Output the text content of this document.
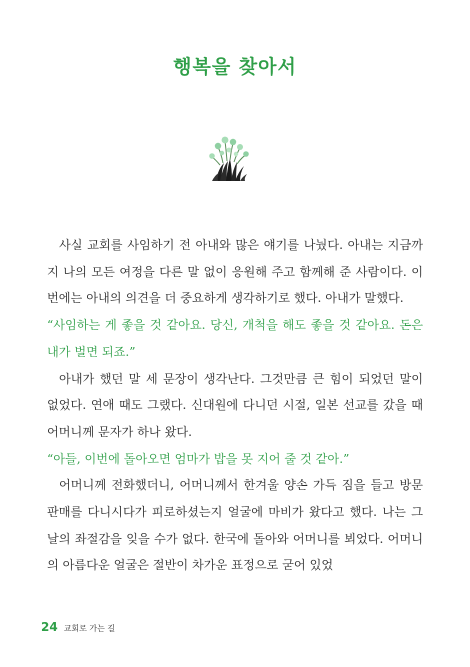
행복을 찾아서

사실 교회를 사임하기 전 아내와 많은 얘기를 나눴다. 아내는 지금까지 나의 모든 여정을 다른 말 없이 응원해 주고 함께해 준 사람이다. 이번에는 아내의 의견을 더 중요하게 생각하기로 했다. 아내가 말했다.

“사임하는 게 좋을 것 같아요. 당신, 개척을 해도 좋을 것 같아요. 돈은 내가 벌면 되죠.”

아내가 했던 말 세 문장이 생각난다. 그것만큼 큰 힘이 되었던 말이 없었다. 연애 때도 그랬다. 신대원에 다니던 시절, 일본 선교를 갔을 때 어머니께 문자가 하나 왔다.

“아들, 이번에 돌아오면 엄마가 밥을 못 지어 줄 것 같아.”

어머니께 전화했더니, 어머니께서 한겨울 양손 가득 짐을 들고 방문 판매를 다니시다가 피로하셨는지 얼굴에 마비가 왔다고 했다. 나는 그날의 좌절감을 잊을 수가 없다. 한국에 돌아와 어머니를 뵈었다. 어머니의 아름다운 얼굴은 절반이 차가운 표정으로 굳어 있었

24 교회로 가는 길
